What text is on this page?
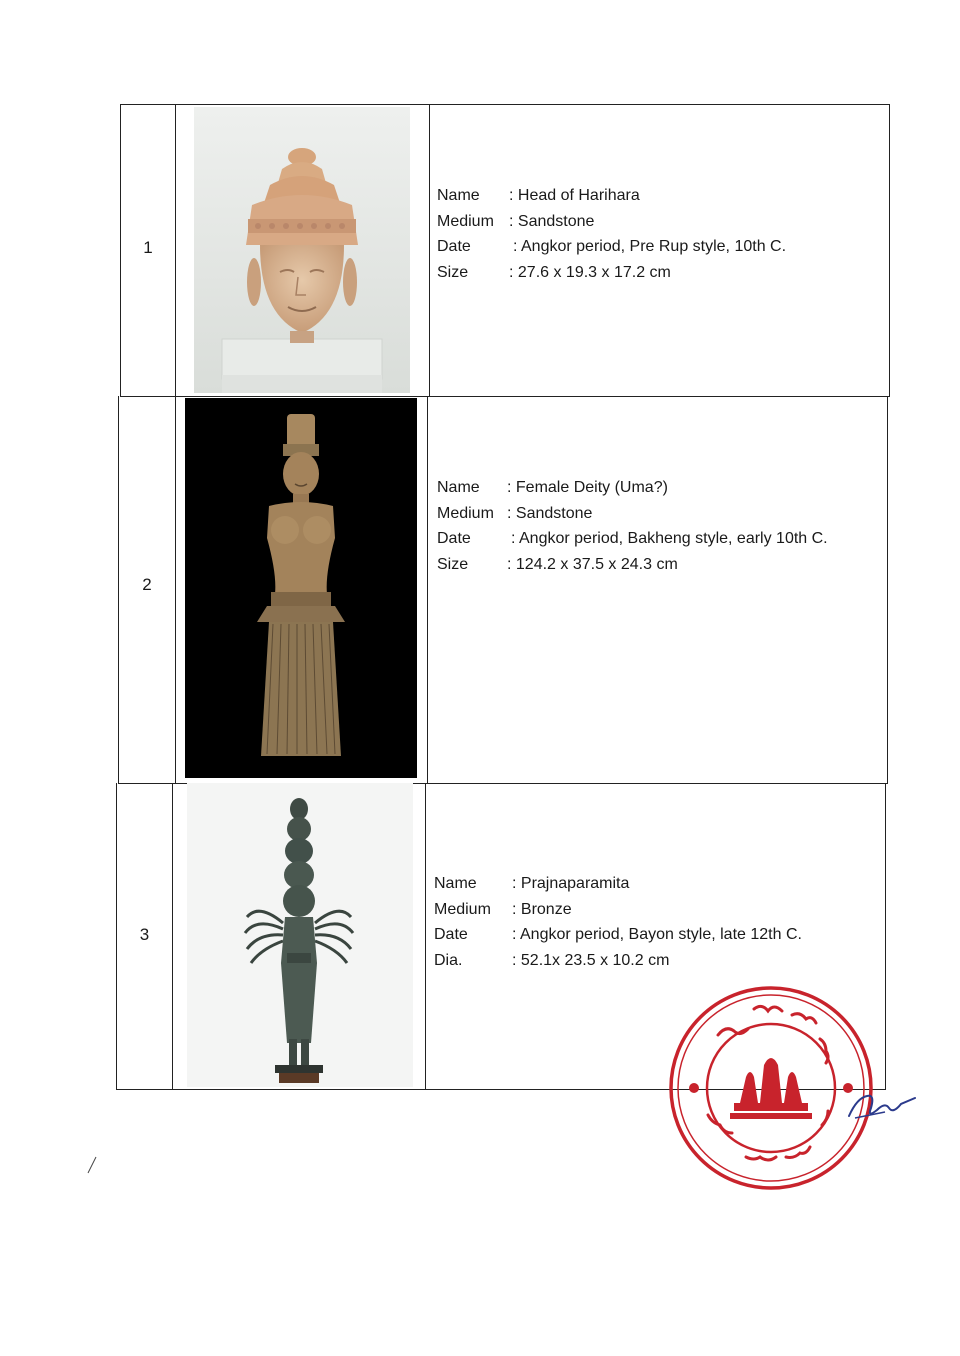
1
Name : Head of Harihara
Medium : Sandstone
Date	: Angkor period, Pre Rup style, 10th C.
Size	: 27.6 x 19.3 x 17.2 cm
2
Name : Female Deity (Uma?)
Medium : Sandstone
Date	: Angkor period, Bakheng style, early 10th C.
Size : 124.2 x 37.5 x 24.3 cm
3
Name : Prajnaparamita
Medium : Bronze
Date	: Angkor period, Bayon style, late 12th C.
Dia.	: 52.1x 23.5 x 10.2 cm
